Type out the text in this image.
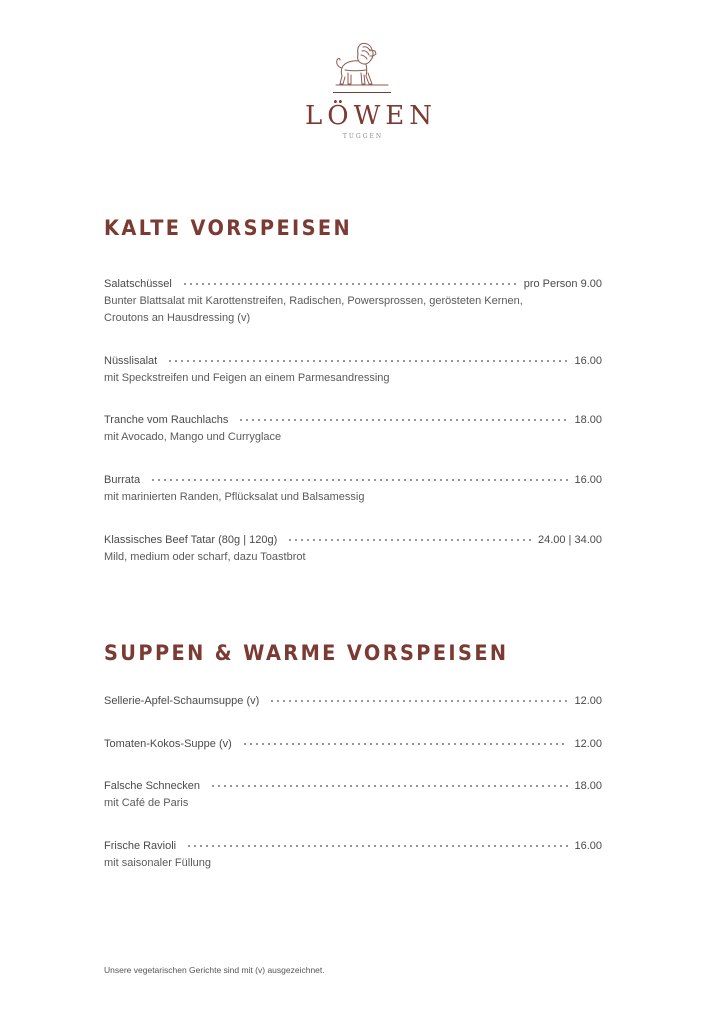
LÖWEN
TUGGEN
KALTE VORSPEISEN
Salatschüssel	pro Person 9.00
Bunter Blattsalat mit Karottenstreifen, Radischen, Powersprossen, gerösteten Kernen,
Croutons an Hausdressing (v)
Nüsslisalat	16.00
mit Speckstreifen und Feigen an einem Parmesandressing
Tranche vom Rauchlachs	18.00
mit Avocado, Mango und Curryglace
Burrata	16.00
mit marinierten Randen, Pflücksalat und Balsamessig
Klassisches Beef Tatar (80g | 120g)	24.00 | 34.00
Mild, medium oder scharf, dazu Toastbrot
SUPPEN & WARME VORSPEISEN
Sellerie-Apfel-Schaumsuppe (v)	12.00
Tomaten-Kokos-Suppe (v)	12.00
Falsche Schnecken	18.00
mit Café de Paris
Frische Ravioli	16.00
mit saisonaler Füllung
Unsere vegetarischen Gerichte sind mit (v) ausgezeichnet.
